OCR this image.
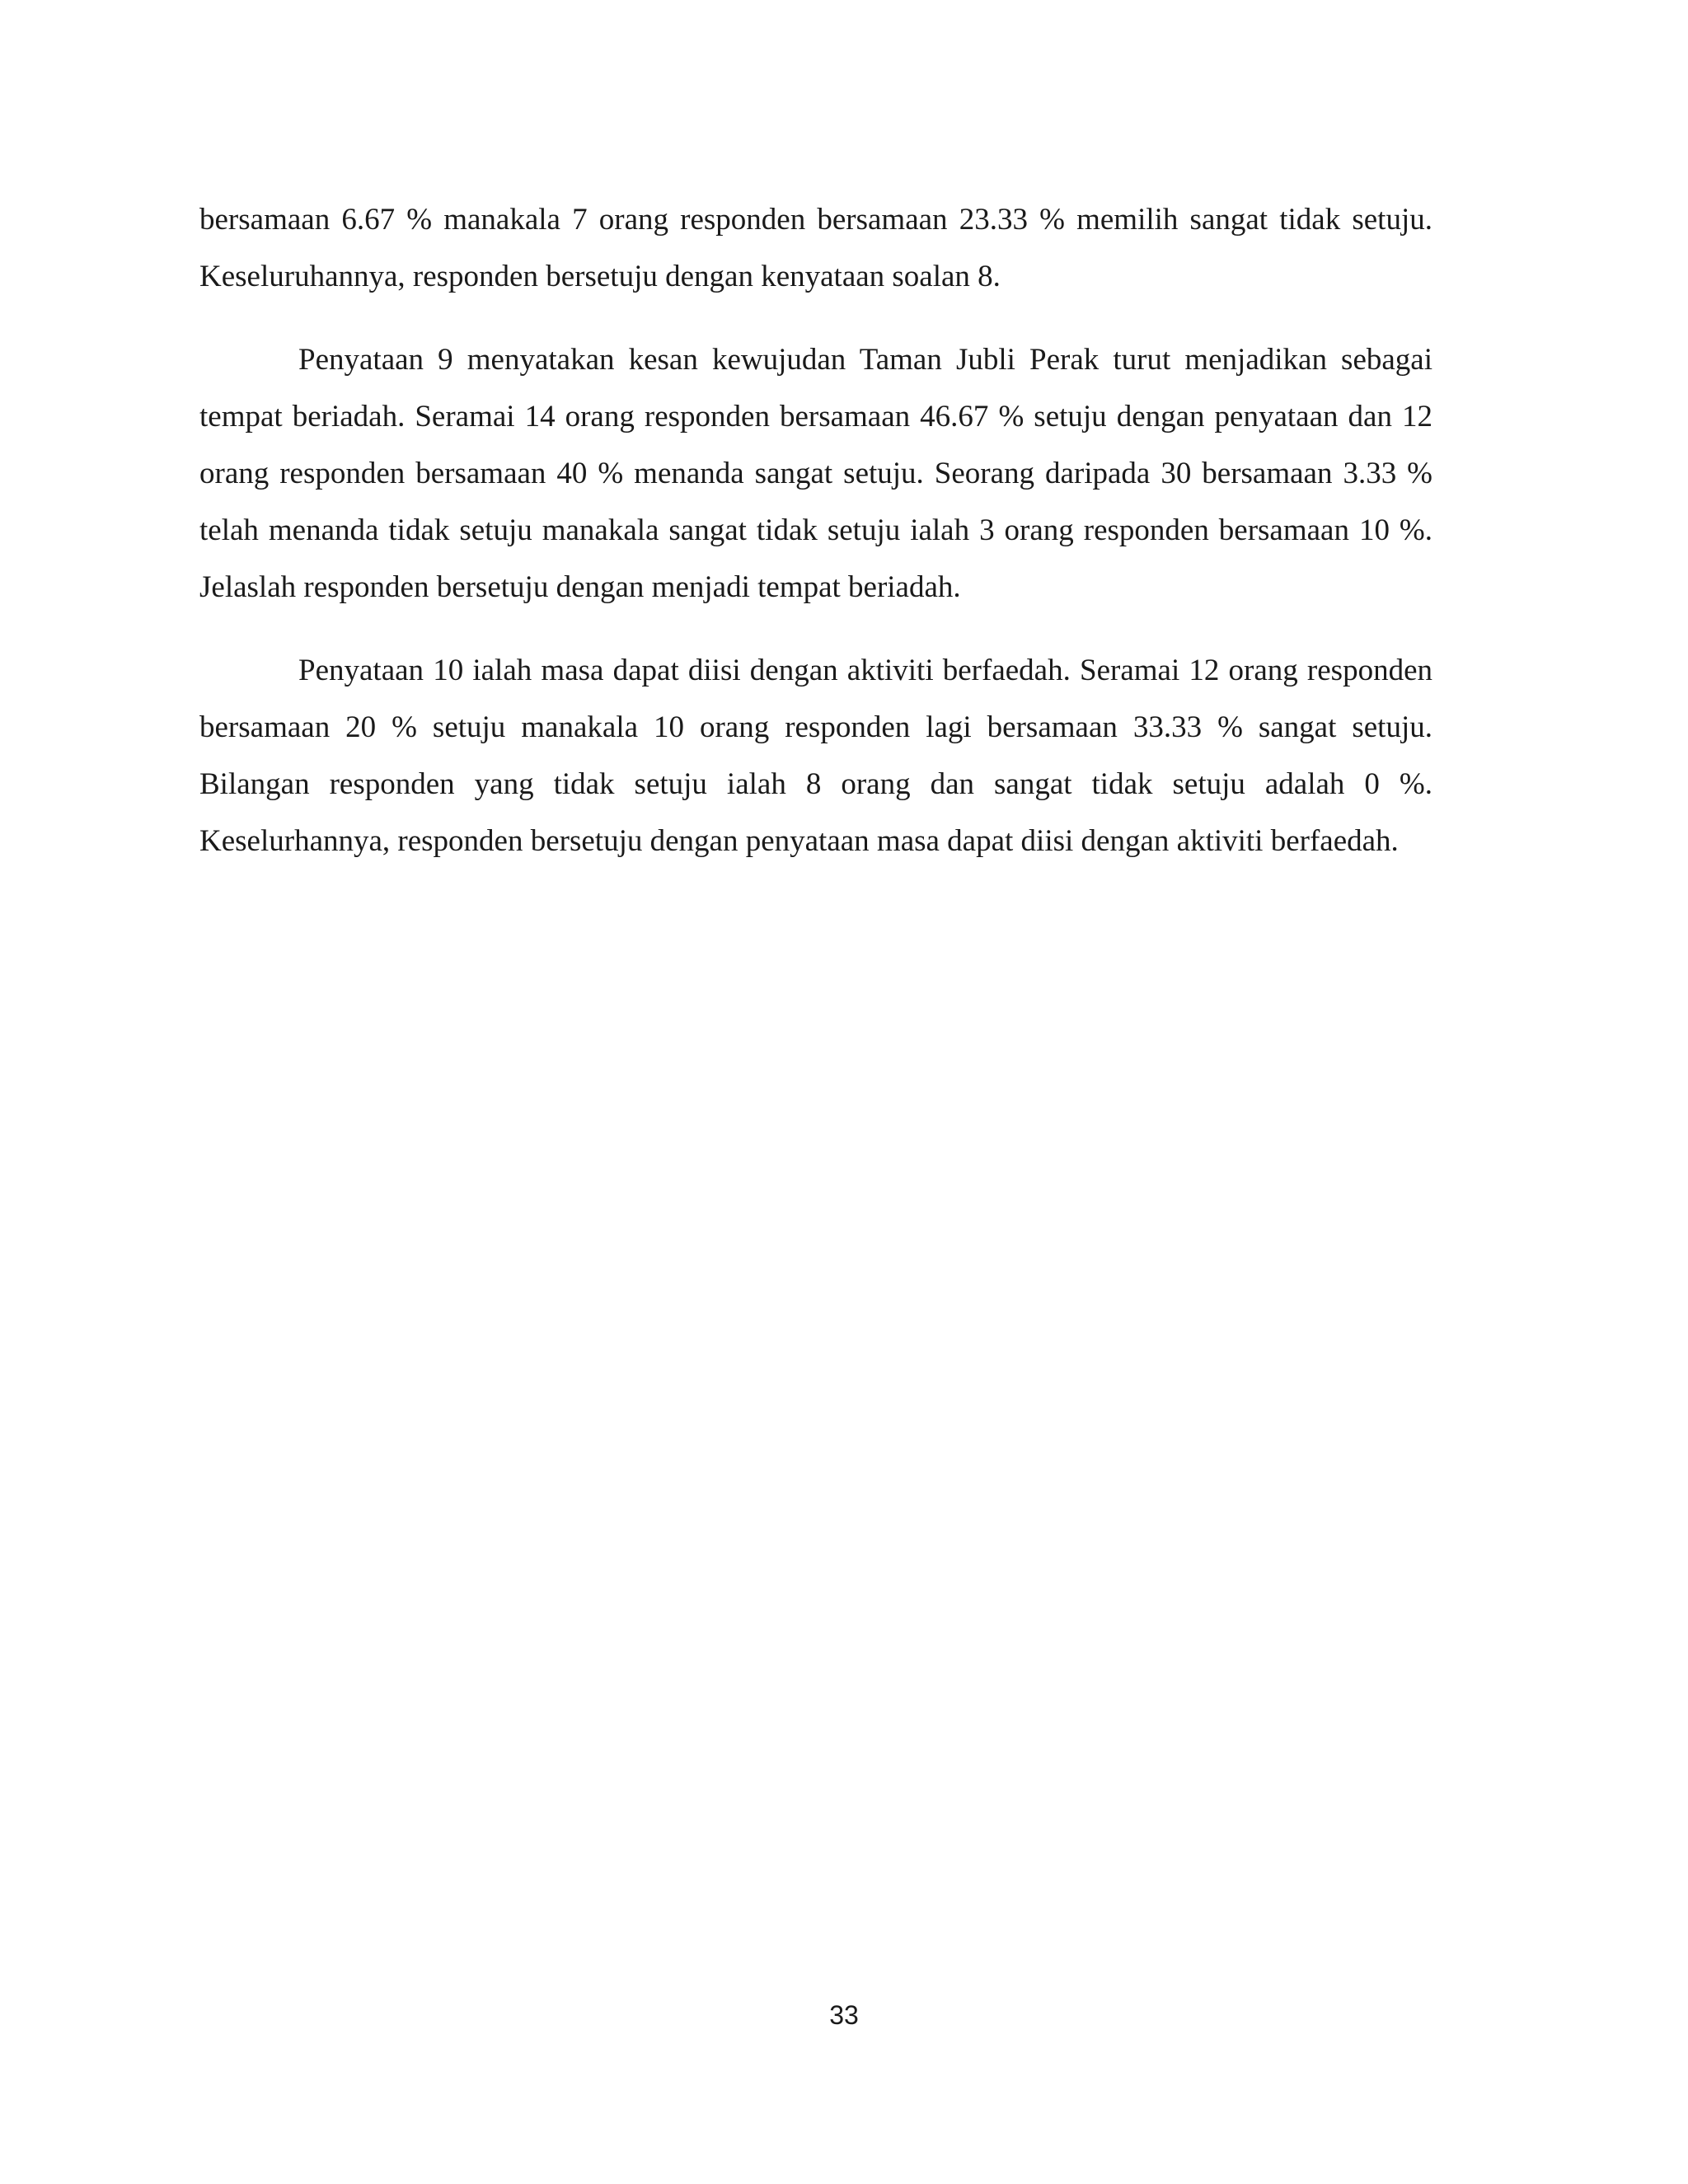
bersamaan 6.67 % manakala 7 orang responden bersamaan 23.33 % memilih sangat tidak setuju. Keseluruhannya, responden bersetuju dengan kenyataan soalan 8.

Penyataan 9 menyatakan kesan kewujudan Taman Jubli Perak turut menjadikan sebagai tempat beriadah. Seramai 14 orang responden bersamaan 46.67 % setuju dengan penyataan dan 12 orang responden bersamaan 40 % menanda sangat setuju. Seorang daripada 30 bersamaan 3.33 % telah menanda tidak setuju manakala sangat tidak setuju ialah 3 orang responden bersamaan 10 %. Jelaslah responden bersetuju dengan menjadi tempat beriadah.

Penyataan 10 ialah masa dapat diisi dengan aktiviti berfaedah. Seramai 12 orang responden bersamaan 20 % setuju manakala 10 orang responden lagi bersamaan 33.33 % sangat setuju. Bilangan responden yang tidak setuju ialah 8 orang dan sangat tidak setuju adalah 0 %. Keselurhannya, responden bersetuju dengan penyataan masa dapat diisi dengan aktiviti berfaedah.

33
